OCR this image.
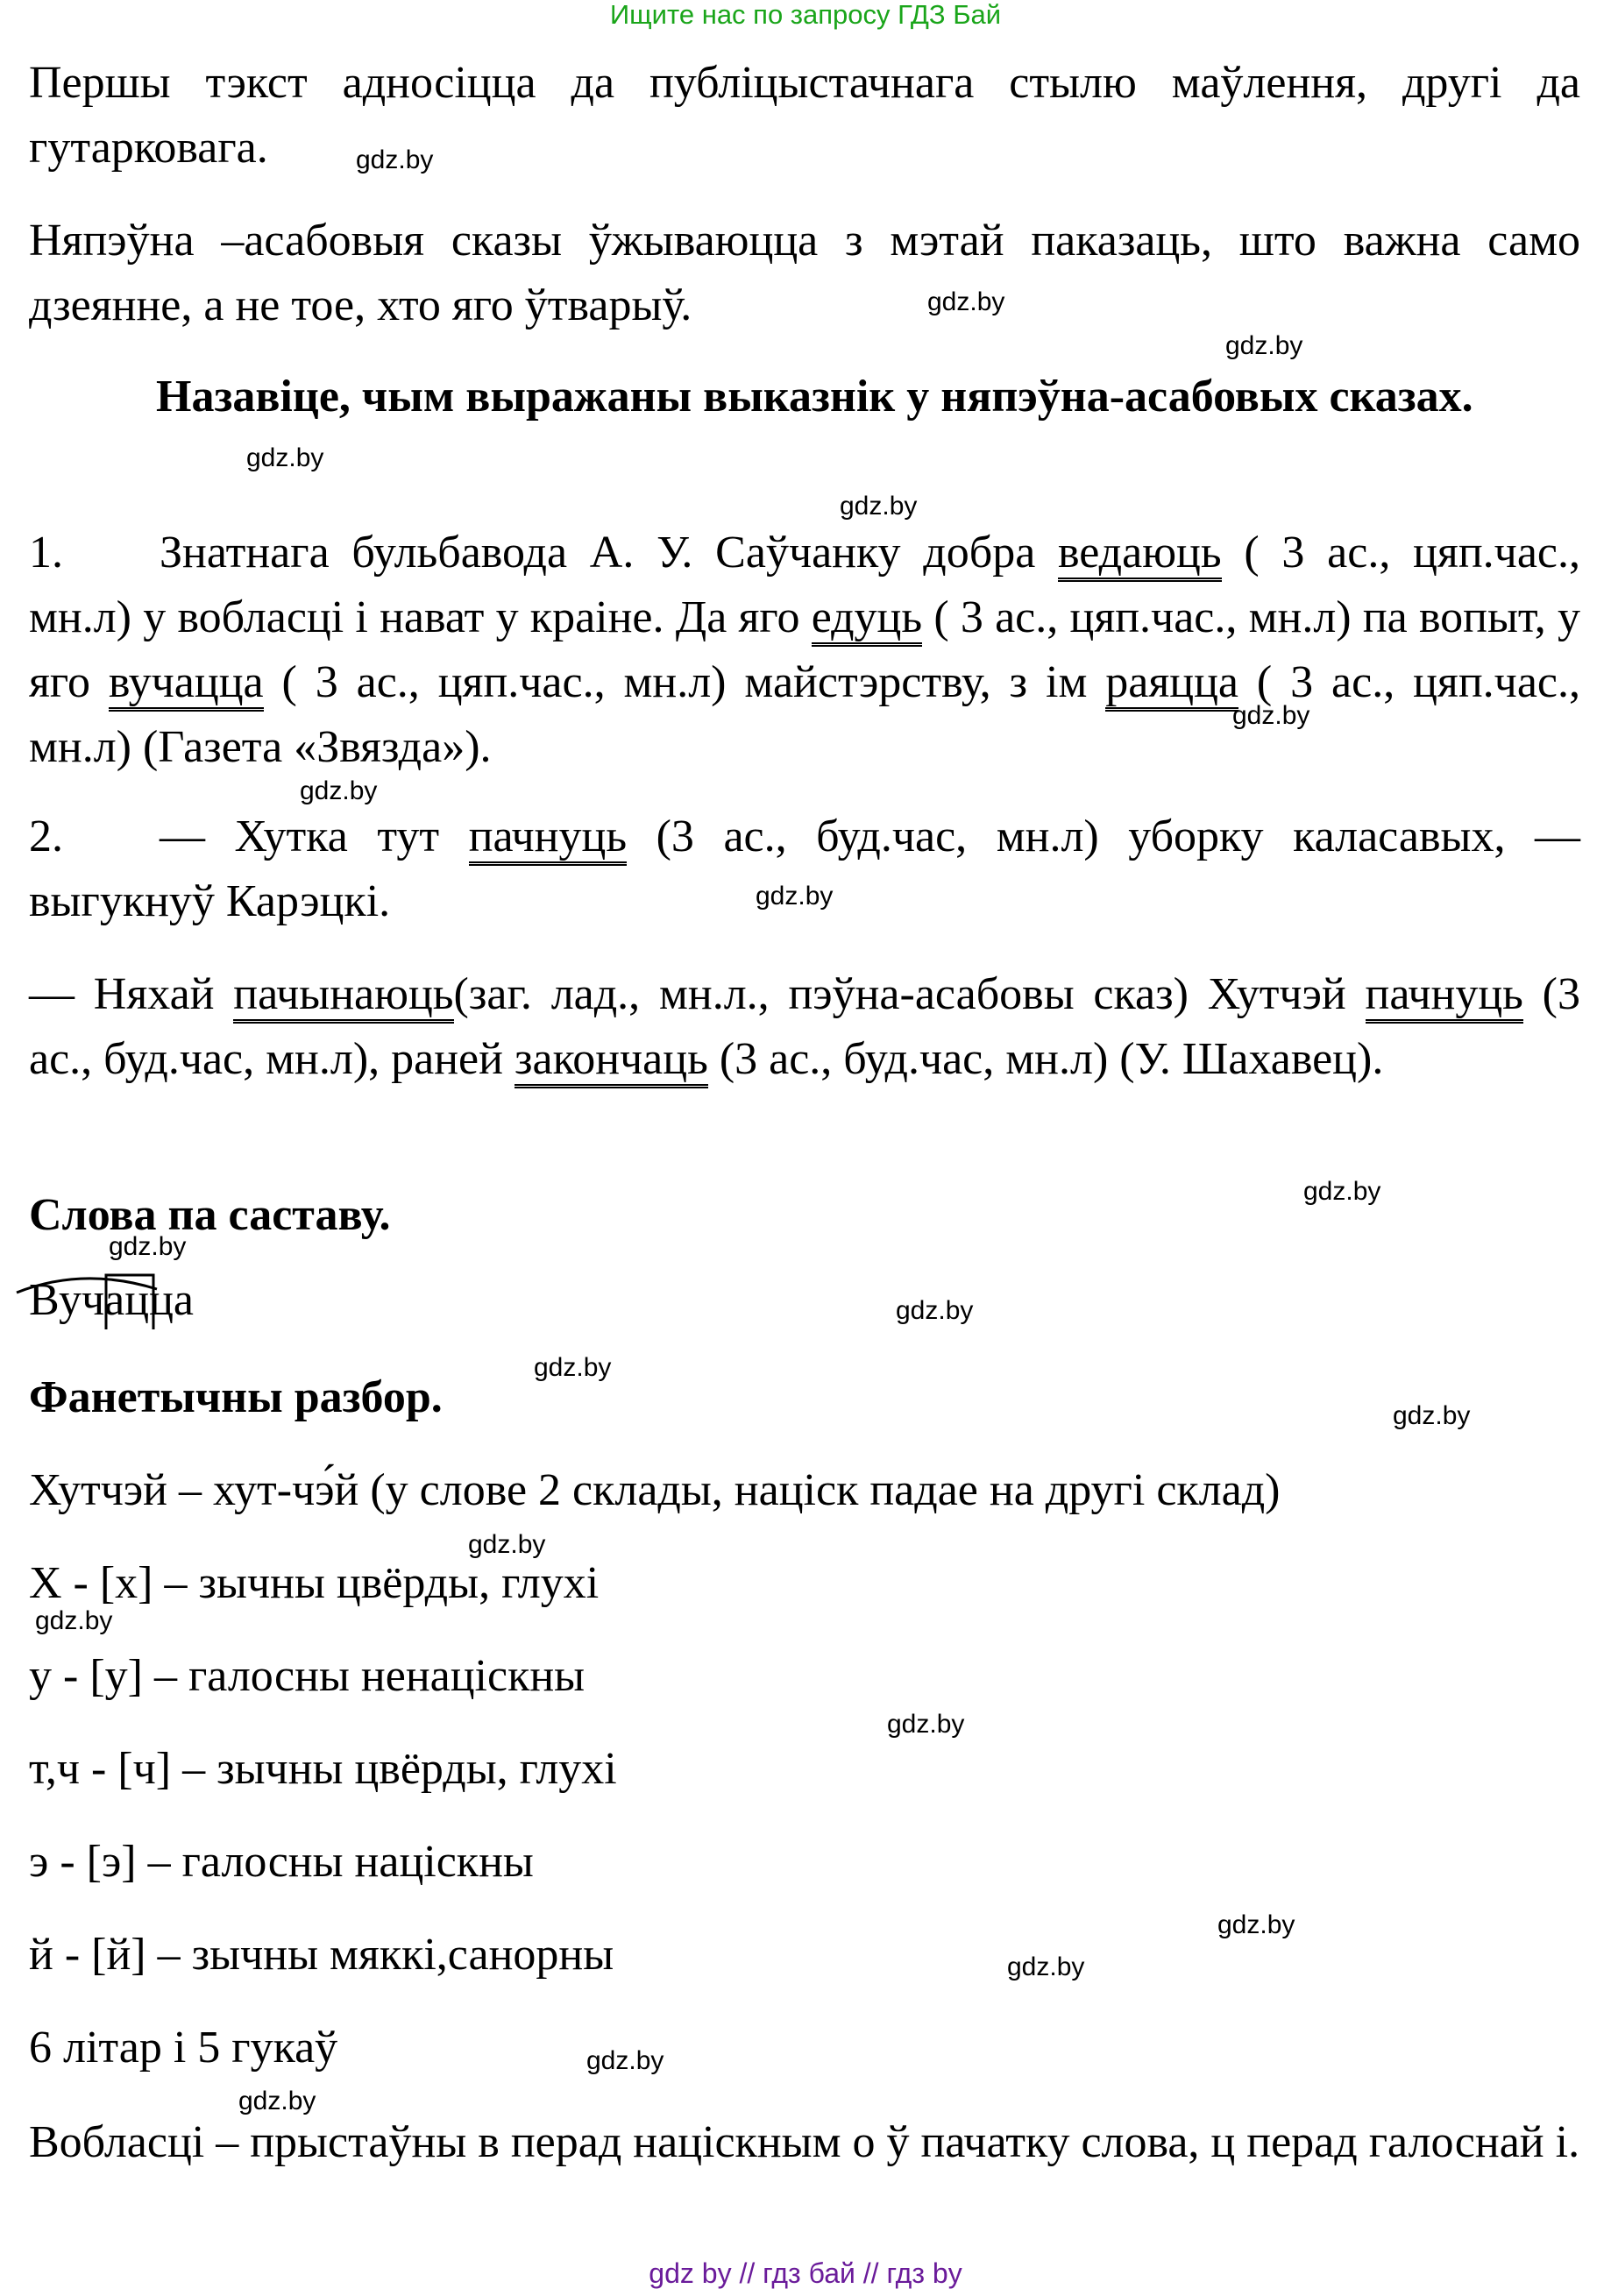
Ищите нас по запросу ГДЗ Бай
Першы тэкст адносіцца да публіцыстачнага стылю маўлення, другі да гутарковага.
Няпэўна –асабовыя сказы ўжываюцца з мэтай паказаць, што важна само дзеянне, а не тое, хто яго ўтварыў.
Назавіце, чым выражаны выказнік у няпэўна-асабовых сказах.
1. Знатнага бульбавода А. У. Саўчанку добра ведаюць ( 3 ас., цяп.час., мн.л) у вобласці і нават у краіне. Да яго едуць ( 3 ас., цяп.час., мн.л) па вопыт, у яго вучацца ( 3 ас., цяп.час., мн.л) майстэрству, з ім раяцца ( 3 ас., цяп.час., мн.л) (Газета «Звязда»).
2. — Хутка тут пачнуць (3 ас., буд.час, мн.л) уборку каласавых, — выгукнуў Карэцкі.
— Няхай пачынаюць(заг. лад., мн.л., пэўна-асабовы сказ) Хутчэй пачнуць (3 ас., буд.час, мн.л), раней закончаць (3 ас., буд.час, мн.л) (У. Шахавец).
Слова па саставу.
Вуч
ац
ца
Фанетычны разбор.
Хутчэй – хут-чэ́й (у слове 2 склады, націск падае на другі склад)
Х - [х] – зычны цвёрды, глухі
у - [у] – галосны ненаціскны
т,ч - [ч] – зычны цвёрды, глухі
э - [э] – галосны націскны
й - [й] – зычны мяккі,санорны
6 літар і 5 гукаў
Вобласці – прыстаўны в перад націскным о ў пачатку слова, ц перад галоснай і.
gdz.by
gdz.by
gdz.by
gdz.by
gdz.by
gdz.by
gdz.by
gdz.by
gdz.by
gdz.by
gdz.by
gdz.by
gdz.by
gdz.by
gdz.by
gdz.by
gdz.by
gdz.by
gdz.by
gdz.by
gdz by // гдз бай // гдз by
